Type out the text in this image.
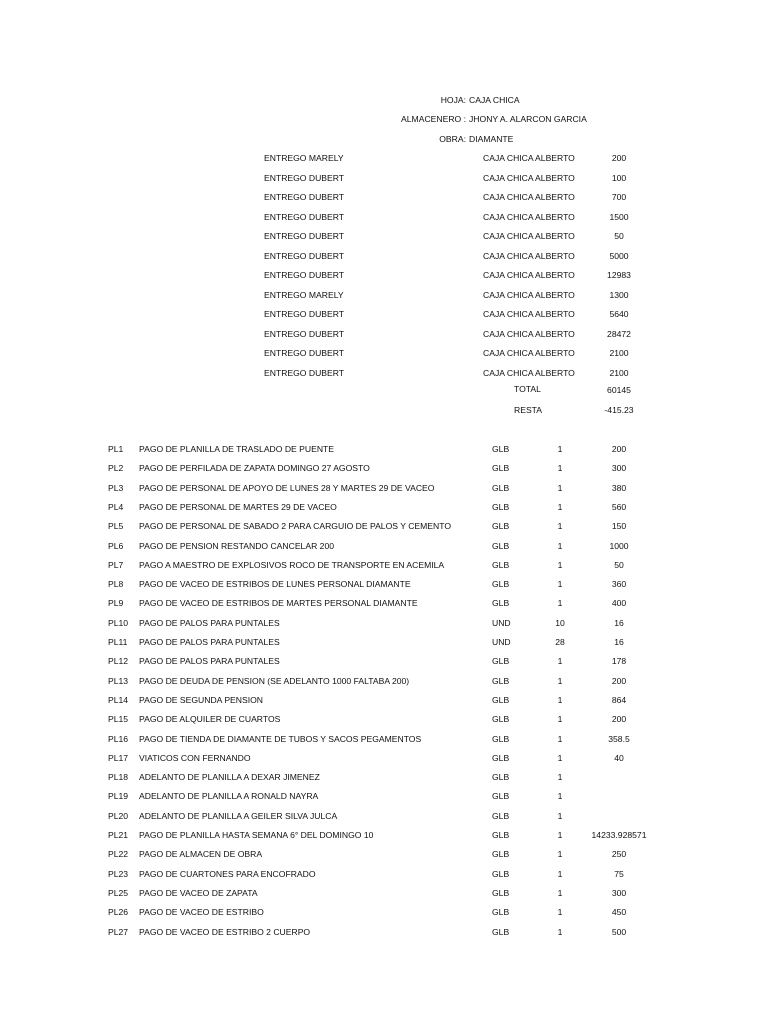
HOJA: CAJA CHICA
ALMACENERO : JHONY A. ALARCON GARCIA
OBRA: DIAMANTE
ENTREGO MARELY	CAJA CHICA ALBERTO	200
ENTREGO DUBERT	CAJA CHICA ALBERTO	100
ENTREGO DUBERT	CAJA CHICA ALBERTO	700
ENTREGO DUBERT	CAJA CHICA ALBERTO	1500
ENTREGO DUBERT	CAJA CHICA ALBERTO	50
ENTREGO DUBERT	CAJA CHICA ALBERTO	5000
ENTREGO DUBERT	CAJA CHICA ALBERTO	12983
ENTREGO MARELY	CAJA CHICA ALBERTO	1300
ENTREGO DUBERT	CAJA CHICA ALBERTO	5640
ENTREGO DUBERT	CAJA CHICA ALBERTO	28472
ENTREGO DUBERT	CAJA CHICA ALBERTO	2100
ENTREGO DUBERT	CAJA CHICA ALBERTO	2100
TOTAL	60145
RESTA	-415.23
PL1 PAGO DE PLANILLA DE TRASLADO DE PUENTE	GLB	1	200
PL2 PAGO DE PERFILADA DE ZAPATA DOMINGO 27 AGOSTO	GLB	1	300
PL3 PAGO DE PERSONAL DE APOYO DE LUNES 28 Y MARTES 29 DE VACEO	GLB	1	380
PL4 PAGO DE PERSONAL DE MARTES 29 DE VACEO	GLB	1	560
PL5 PAGO DE PERSONAL DE SABADO 2 PARA CARGUIO DE PALOS Y CEMENTO	GLB	1	150
PL6 PAGO DE PENSION RESTANDO CANCELAR 200	GLB	1	1000
PL7 PAGO A MAESTRO DE EXPLOSIVOS ROCO DE TRANSPORTE EN ACEMILA	GLB	1	50
PL8 PAGO DE VACEO DE ESTRIBOS DE LUNES PERSONAL DIAMANTE	GLB	1	360
PL9 PAGO DE VACEO DE ESTRIBOS DE MARTES PERSONAL DIAMANTE	GLB	1	400
PL10 PAGO DE PALOS PARA PUNTALES	UND	10	16
PL11 PAGO DE PALOS PARA PUNTALES	UND	28	16
PL12 PAGO DE PALOS PARA PUNTALES	GLB	1	178
PL13 PAGO DE DEUDA DE PENSION (SE ADELANTO 1000 FALTABA 200)	GLB	1	200
PL14 PAGO DE SEGUNDA PENSION	GLB	1	864
PL15 PAGO DE ALQUILER DE CUARTOS	GLB	1	200
PL16 PAGO DE TIENDA DE DIAMANTE DE TUBOS Y SACOS PEGAMENTOS	GLB	1	358.5
PL17 VIATICOS CON FERNANDO	GLB	1	40
PL18 ADELANTO DE PLANILLA A DEXAR JIMENEZ	GLB	1
PL19 ADELANTO DE PLANILLA A RONALD NAYRA	GLB	1
PL20 ADELANTO DE PLANILLA A GEILER SILVA JULCA	GLB	1
PL21 PAGO DE PLANILLA HASTA SEMANA 6° DEL DOMINGO 10	GLB	1	14233.928571
PL22 PAGO DE ALMACEN DE OBRA	GLB	1	250
PL23 PAGO DE CUARTONES PARA ENCOFRADO	GLB	1	75
PL25 PAGO DE VACEO DE ZAPATA	GLB	1	300
PL26 PAGO DE VACEO DE ESTRIBO	GLB	1	450
PL27 PAGO DE VACEO DE ESTRIBO 2 CUERPO	GLB	1	500
